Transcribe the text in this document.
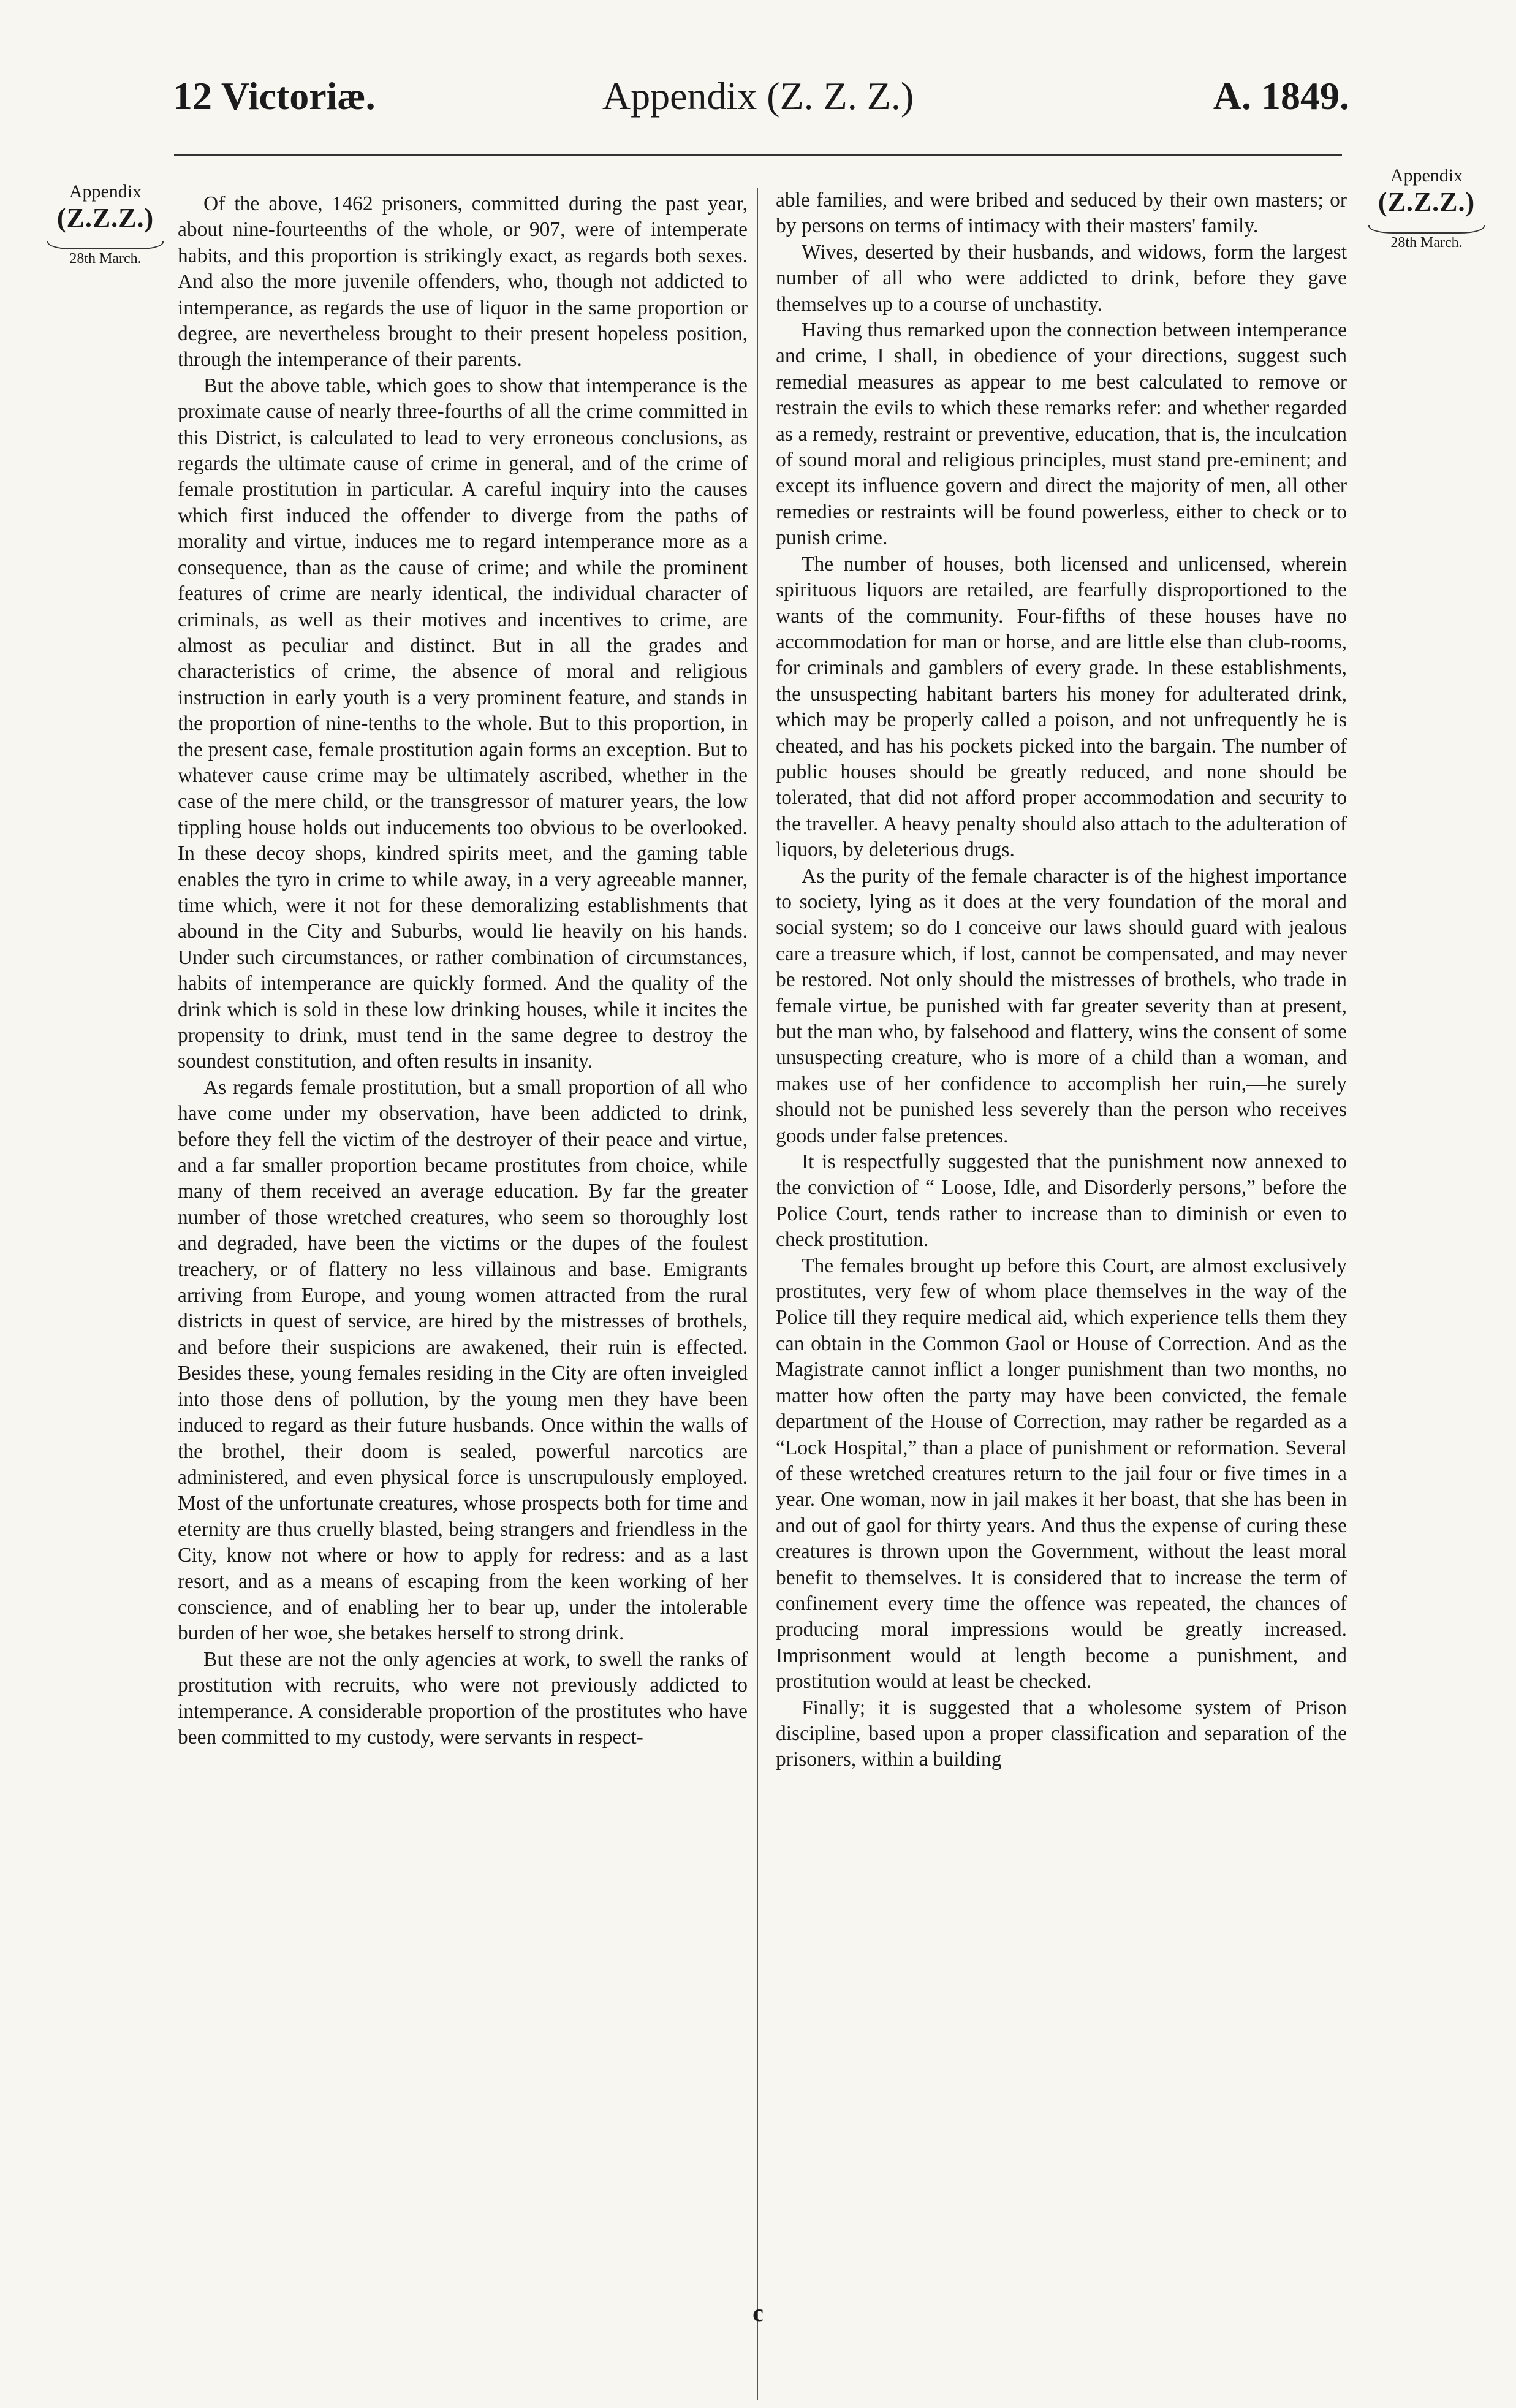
12 Victoriæ.	Appendix (Z. Z. Z.)	A. 1849.
Appendix
(Z.Z.Z.)
28th March.
Appendix
(Z.Z.Z.)
28th March.

Of the above, 1462 prisoners, committed during the past year, about nine-fourteenths of the whole, or 907, were of intemperate habits, and this proportion is strikingly exact, as regards both sexes. And also the more juvenile offenders, who, though not addicted to intemperance, as regards the use of liquor in the same proportion or degree, are nevertheless brought to their present hopeless position, through the intemperance of their parents.

But the above table, which goes to show that intemperance is the proximate cause of nearly three-fourths of all the crime committed in this District, is calculated to lead to very erroneous conclusions, as regards the ultimate cause of crime in general, and of the crime of female prostitution in particular. A careful inquiry into the causes which first induced the offender to diverge from the paths of morality and virtue, induces me to regard intemperance more as a consequence, than as the cause of crime; and while the prominent features of crime are nearly identical, the individual character of criminals, as well as their motives and incentives to crime, are almost as peculiar and distinct. But in all the grades and characteristics of crime, the absence of moral and religious instruction in early youth is a very prominent feature, and stands in the proportion of nine-tenths to the whole. But to this proportion, in the present case, female prostitution again forms an exception. But to whatever cause crime may be ultimately ascribed, whether in the case of the mere child, or the transgressor of maturer years, the low tippling house holds out inducements too obvious to be overlooked. In these decoy shops, kindred spirits meet, and the gaming table enables the tyro in crime to while away, in a very agreeable manner, time which, were it not for these demoralizing establishments that abound in the City and Suburbs, would lie heavily on his hands. Under such circumstances, or rather combination of circumstances, habits of intemperance are quickly formed. And the quality of the drink which is sold in these low drinking houses, while it incites the propensity to drink, must tend in the same degree to destroy the soundest constitution, and often results in insanity.

As regards female prostitution, but a small proportion of all who have come under my observation, have been addicted to drink, before they fell the victim of the destroyer of their peace and virtue, and a far smaller proportion became prostitutes from choice, while many of them received an average education. By far the greater number of those wretched creatures, who seem so thoroughly lost and degraded, have been the victims or the dupes of the foulest treachery, or of flattery no less villainous and base. Emigrants arriving from Europe, and young women attracted from the rural districts in quest of service, are hired by the mistresses of brothels, and before their suspicions are awakened, their ruin is effected. Besides these, young females residing in the City are often inveigled into those dens of pollution, by the young men they have been induced to regard as their future husbands. Once within the walls of the brothel, their doom is sealed, powerful narcotics are administered, and even physical force is unscrupulously employed. Most of the unfortunate creatures, whose prospects both for time and eternity are thus cruelly blasted, being strangers and friendless in the City, know not where or how to apply for redress: and as a last resort, and as a means of escaping from the keen working of her conscience, and of enabling her to bear up, under the intolerable burden of her woe, she betakes herself to strong drink.

But these are not the only agencies at work, to swell the ranks of prostitution with recruits, who were not previously addicted to intemperance. A considerable proportion of the prostitutes who have been committed to my custody, were servants in respect-

able families, and were bribed and seduced by their own masters; or by persons on terms of intimacy with their masters' family.

Wives, deserted by their husbands, and widows, form the largest number of all who were addicted to drink, before they gave themselves up to a course of unchastity.

Having thus remarked upon the connection between intemperance and crime, I shall, in obedience of your directions, suggest such remedial measures as appear to me best calculated to remove or restrain the evils to which these remarks refer: and whether regarded as a remedy, restraint or preventive, education, that is, the inculcation of sound moral and religious principles, must stand pre-eminent; and except its influence govern and direct the majority of men, all other remedies or restraints will be found powerless, either to check or to punish crime.

The number of houses, both licensed and unlicensed, wherein spirituous liquors are retailed, are fearfully disproportioned to the wants of the community. Four-fifths of these houses have no accommodation for man or horse, and are little else than club-rooms, for criminals and gamblers of every grade. In these establishments, the unsuspecting habitant barters his money for adulterated drink, which may be properly called a poison, and not unfrequently he is cheated, and has his pockets picked into the bargain. The number of public houses should be greatly reduced, and none should be tolerated, that did not afford proper accommodation and security to the traveller. A heavy penalty should also attach to the adulteration of liquors, by deleterious drugs.

As the purity of the female character is of the highest importance to society, lying as it does at the very foundation of the moral and social system; so do I conceive our laws should guard with jealous care a treasure which, if lost, cannot be compensated, and may never be restored. Not only should the mistresses of brothels, who trade in female virtue, be punished with far greater severity than at present, but the man who, by falsehood and flattery, wins the consent of some unsuspecting creature, who is more of a child than a woman, and makes use of her confidence to accomplish her ruin,—he surely should not be punished less severely than the person who receives goods under false pretences.

It is respectfully suggested that the punishment now annexed to the conviction of “ Loose, Idle, and Disorderly persons,” before the Police Court, tends rather to increase than to diminish or even to check prostitution.

The females brought up before this Court, are almost exclusively prostitutes, very few of whom place themselves in the way of the Police till they require medical aid, which experience tells them they can obtain in the Common Gaol or House of Correction. And as the Magistrate cannot inflict a longer punishment than two months, no matter how often the party may have been convicted, the female department of the House of Correction, may rather be regarded as a “Lock Hospital,” than a place of punishment or reformation. Several of these wretched creatures return to the jail four or five times in a year. One woman, now in jail makes it her boast, that she has been in and out of gaol for thirty years. And thus the expense of curing these creatures is thrown upon the Government, without the least moral benefit to themselves. It is considered that to increase the term of confinement every time the offence was repeated, the chances of producing moral impressions would be greatly increased. Imprisonment would at length become a punishment, and prostitution would at least be checked.

Finally; it is suggested that a wholesome system of Prison discipline, based upon a proper classification and separation of the prisoners, within a building

c
